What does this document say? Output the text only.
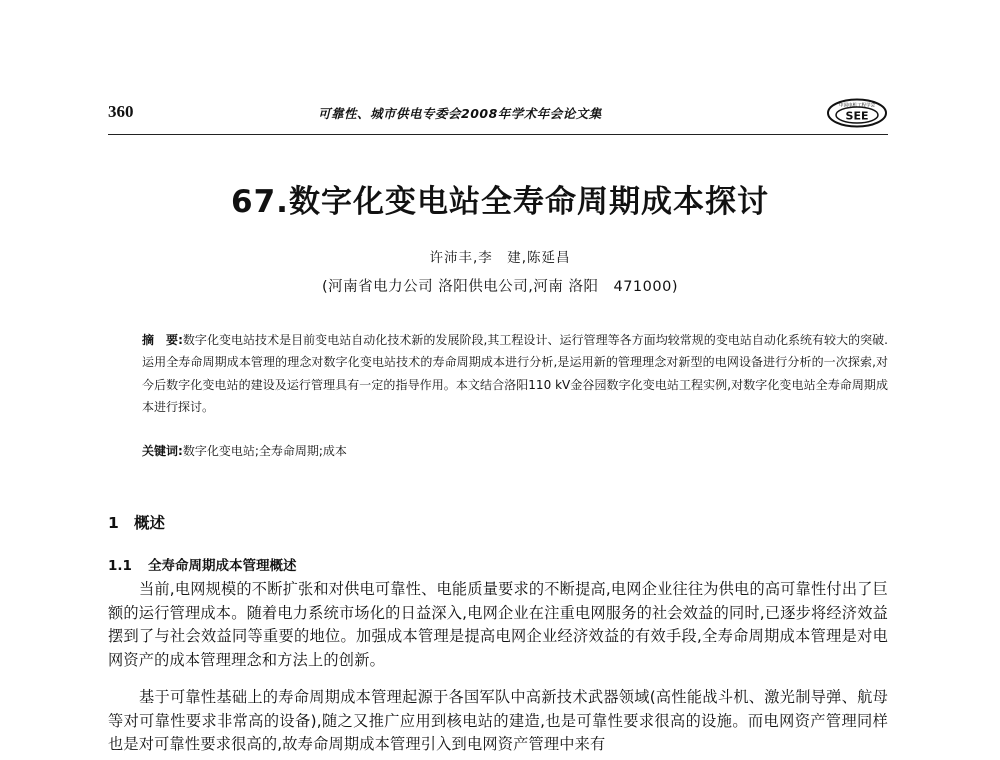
360	可靠性、城市供电专委会2008年学术年会论文集	中国电机工程学会
SEE
67.数字化变电站全寿命周期成本探讨
许沛丰,李　建,陈延昌
(河南省电力公司 洛阳供电公司,河南 洛阳　471000)

摘　要:数字化变电站技术是目前变电站自动化技术新的发展阶段,其工程设计、运行管理等各方面均较常规的变电站自动化系统有较大的突破.运用全寿命周期成本管理的理念对数字化变电站技术的寿命周期成本进行分析,是运用新的管理理念对新型的电网设备进行分析的一次探索,对今后数字化变电站的建设及运行管理具有一定的指导作用。本文结合洛阳110 kV金谷园数字化变电站工程实例,对数字化变电站全寿命周期成本进行探讨。

关键词:数字化变电站;全寿命周期;成本
1 概述
1.1 全寿命周期成本管理概述

当前,电网规模的不断扩张和对供电可靠性、电能质量要求的不断提高,电网企业往往为供电的高可靠性付出了巨额的运行管理成本。随着电力系统市场化的日益深入,电网企业在注重电网服务的社会效益的同时,已逐步将经济效益摆到了与社会效益同等重要的地位。加强成本管理是提高电网企业经济效益的有效手段,全寿命周期成本管理是对电网资产的成本管理理念和方法上的创新。

基于可靠性基础上的寿命周期成本管理起源于各国军队中高新技术武器领域(高性能战斗机、激光制导弹、航母等对可靠性要求非常高的设备),随之又推广应用到核电站的建造,也是可靠性要求很高的设施。而电网资产管理同样也是对可靠性要求很高的,故寿命周期成本管理引入到电网资产管理中来有
